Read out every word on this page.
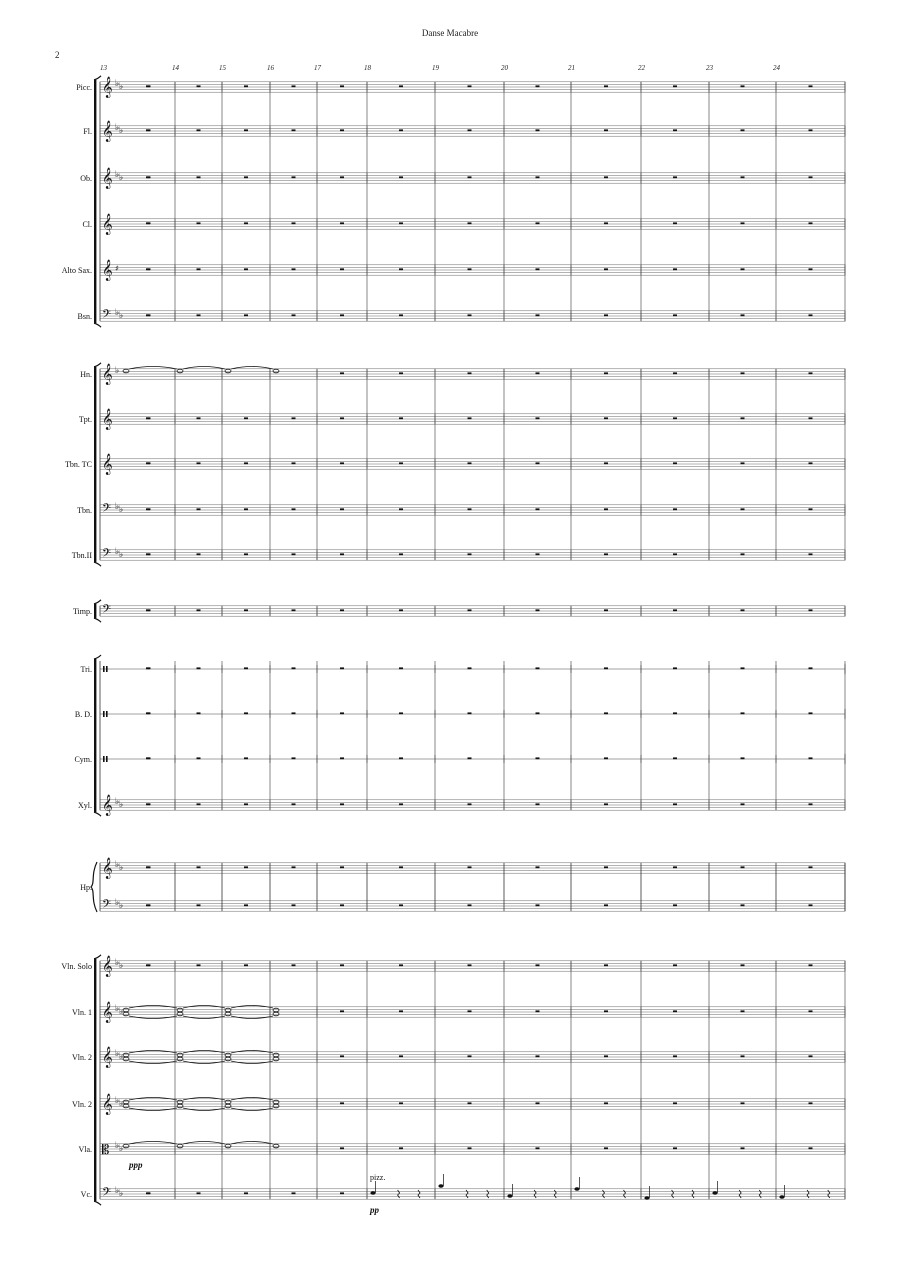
Danse Macabre
2
13	14	15	16	17	18	19	20	21	22	23	24
Picc. 𝄞 ♭ ♭
Fl. 𝄞 ♭ ♭
Ob. 𝄞 ♭ ♭
Cl. 𝄞
Alto Sax. 𝄞 ♯
Bsn. 𝄢 ♭ ♭
Hn. 𝄞 ♭
Tpt. 𝄞
Tbn. TC 𝄞
Tbn. 𝄢 ♭ ♭
Tbn.II 𝄢 ♭ ♭
Timp. 𝄢
Tri.
B. D.
Cym.
Xyl. 𝄞 ♭ ♭
Hp.
𝄞
𝄢
♭ ♭
♭ ♭
Vln. Solo 𝄞 ♭ ♭
Vln. 1 𝄞 ♭ ♭
Vln. 2 𝄞 ♭ ♭
Vln. 2 𝄞 ♭ ♭
Vla. 𝄡 ♭ ♭
ppp
Vc. 𝄢 ♭ ♭
pizz.
pp
